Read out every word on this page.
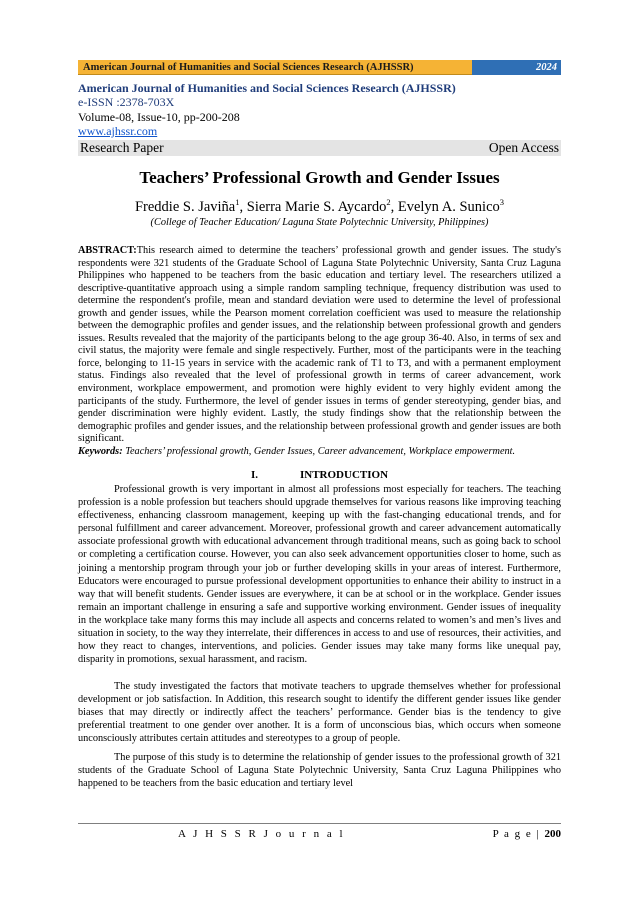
American Journal of Humanities and Social Sciences Research (AJHSSR)	2024
American Journal of Humanities and Social Sciences Research (AJHSSR)
e-ISSN :2378-703X
Volume-08, Issue-10, pp-200-208
www.ajhssr.com
Research Paper	Open Access
Teachers’ Professional Growth and Gender Issues
Freddie S. Javiña$^1$, Sierra Marie S. Aycardo$^2$, Evelyn A. Sunico$^3$
(College of Teacher Education/ Laguna State Polytechnic University, Philippines)
ABSTRACT:This research aimed to determine the teachers’ professional growth and gender issues. The study's respondents were 321 students of the Graduate School of Laguna State Polytechnic University, Santa Cruz Laguna Philippines who happened to be teachers from the basic education and tertiary level. The researchers utilized a descriptive-quantitative approach using a simple random sampling technique, frequency distribution was used to determine the respondent's profile, mean and standard deviation were used to determine the level of professional growth and gender issues, while the Pearson moment correlation coefficient was used to measure the relationship between the demographic profiles and gender issues, and the relationship between professional growth and genders issues. Results revealed that the majority of the participants belong to the age group 36-40. Also, in terms of sex and civil status, the majority were female and single respectively. Further, most of the participants were in the teaching force, belonging to 11-15 years in service with the academic rank of T1 to T3, and with a permanent employment status. Findings also revealed that the level of professional growth in terms of career advancement, work environment, workplace empowerment, and promotion were highly evident to very highly evident among the participants of the study. Furthermore, the level of gender issues in terms of gender stereotyping, gender bias, and gender discrimination were highly evident. Lastly, the study findings show that the relationship between the demographic profiles and gender issues, and the relationship between professional growth and gender issues are both significant.
Keywords: Teachers’ professional growth, Gender Issues, Career advancement, Workplace empowerment.
I.	INTRODUCTION
Professional growth is very important in almost all professions most especially for teachers. The teaching profession is a noble profession but teachers should upgrade themselves for various reasons like improving teaching effectiveness, enhancing classroom management, keeping up with the fast-changing educational trends, and for personal fulfillment and career advancement. Moreover, professional growth and career advancement automatically associate professional growth with educational advancement through traditional means, such as going back to school or completing a certification course. However, you can also seek advancement opportunities closer to home, such as joining a mentorship program through your job or further developing skills in your areas of interest. Furthermore, Educators were encouraged to pursue professional development opportunities to enhance their ability to instruct in a way that will benefit students. Gender issues are everywhere, it can be at school or in the workplace. Gender issues remain an important challenge in ensuring a safe and supportive working environment. Gender issues of inequality in the workplace take many forms this may include all aspects and concerns related to women’s and men’s lives and situation in society, to the way they interrelate, their differences in access to and use of resources, their activities, and how they react to changes, interventions, and policies. Gender issues may take many forms like unequal pay, disparity in promotions, sexual harassment, and racism.
The study investigated the factors that motivate teachers to upgrade themselves whether for professional development or job satisfaction. In Addition, this research sought to identify the different gender issues like gender biases that may directly or indirectly affect the teachers’ performance. Gender bias is the tendency to give preferential treatment to one gender over another. It is a form of unconscious bias, which occurs when someone unconsciously attributes certain attitudes and stereotypes to a group of people.
The purpose of this study is to determine the relationship of gender issues to the professional growth of 321 students of the Graduate School of Laguna State Polytechnic University, Santa Cruz Laguna Philippines who happened to be teachers from the basic education and tertiary level
A J H S S R J o u r n a l	P a g e | 200
